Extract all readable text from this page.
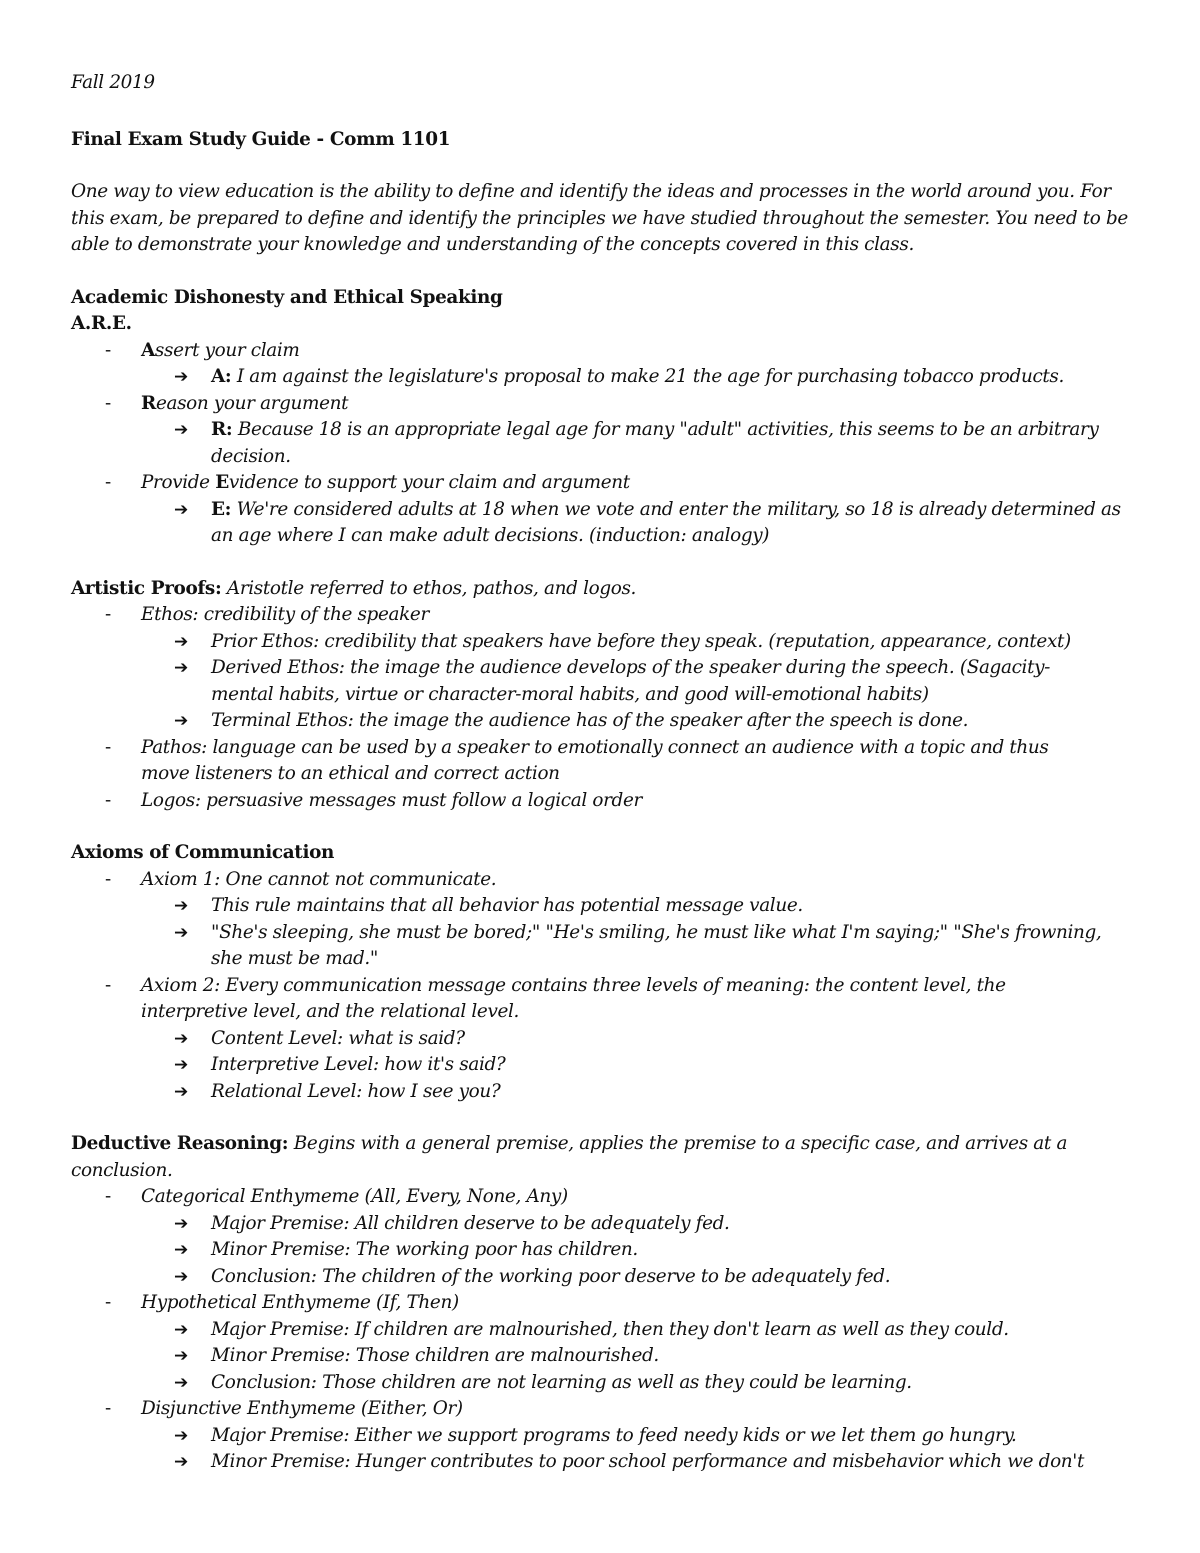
Fall 2019
Final Exam Study Guide - Comm 1101
One way to view education is the ability to define and identify the ideas and processes in the world around you. For this exam, be prepared to define and identify the principles we have studied throughout the semester. You need to be able to demonstrate your knowledge and understanding of the concepts covered in this class.
Academic Dishonesty and Ethical Speaking
A.R.E.
- Assert your claim
➔ A: I am against the legislature's proposal to make 21 the age for purchasing tobacco products.
- Reason your argument
➔ R: Because 18 is an appropriate legal age for many "adult" activities, this seems to be an arbitrary decision.
- Provide Evidence to support your claim and argument
➔ E: We're considered adults at 18 when we vote and enter the military, so 18 is already determined as an age where I can make adult decisions. (induction: analogy)
Artistic Proofs: Aristotle referred to ethos, pathos, and logos.
- Ethos: credibility of the speaker
➔ Prior Ethos: credibility that speakers have before they speak. (reputation, appearance, context)
➔ Derived Ethos: the image the audience develops of the speaker during the speech. (Sagacity-mental habits, virtue or character-moral habits, and good will-emotional habits)
➔ Terminal Ethos: the image the audience has of the speaker after the speech is done.
- Pathos: language can be used by a speaker to emotionally connect an audience with a topic and thus move listeners to an ethical and correct action
- Logos: persuasive messages must follow a logical order
Axioms of Communication
- Axiom 1: One cannot not communicate.
➔ This rule maintains that all behavior has potential message value.
➔ "She's sleeping, she must be bored;" "He's smiling, he must like what I'm saying;" "She's frowning, she must be mad."
- Axiom 2: Every communication message contains three levels of meaning: the content level, the interpretive level, and the relational level.
➔ Content Level: what is said?
➔ Interpretive Level: how it's said?
➔ Relational Level: how I see you?
Deductive Reasoning: Begins with a general premise, applies the premise to a specific case, and arrives at a conclusion.
- Categorical Enthymeme (All, Every, None, Any)
➔ Major Premise: All children deserve to be adequately fed.
➔ Minor Premise: The working poor has children.
➔ Conclusion: The children of the working poor deserve to be adequately fed.
- Hypothetical Enthymeme (If, Then)
➔ Major Premise: If children are malnourished, then they don't learn as well as they could.
➔ Minor Premise: Those children are malnourished.
➔ Conclusion: Those children are not learning as well as they could be learning.
- Disjunctive Enthymeme (Either, Or)
➔ Major Premise: Either we support programs to feed needy kids or we let them go hungry.
➔ Minor Premise: Hunger contributes to poor school performance and misbehavior which we don't
